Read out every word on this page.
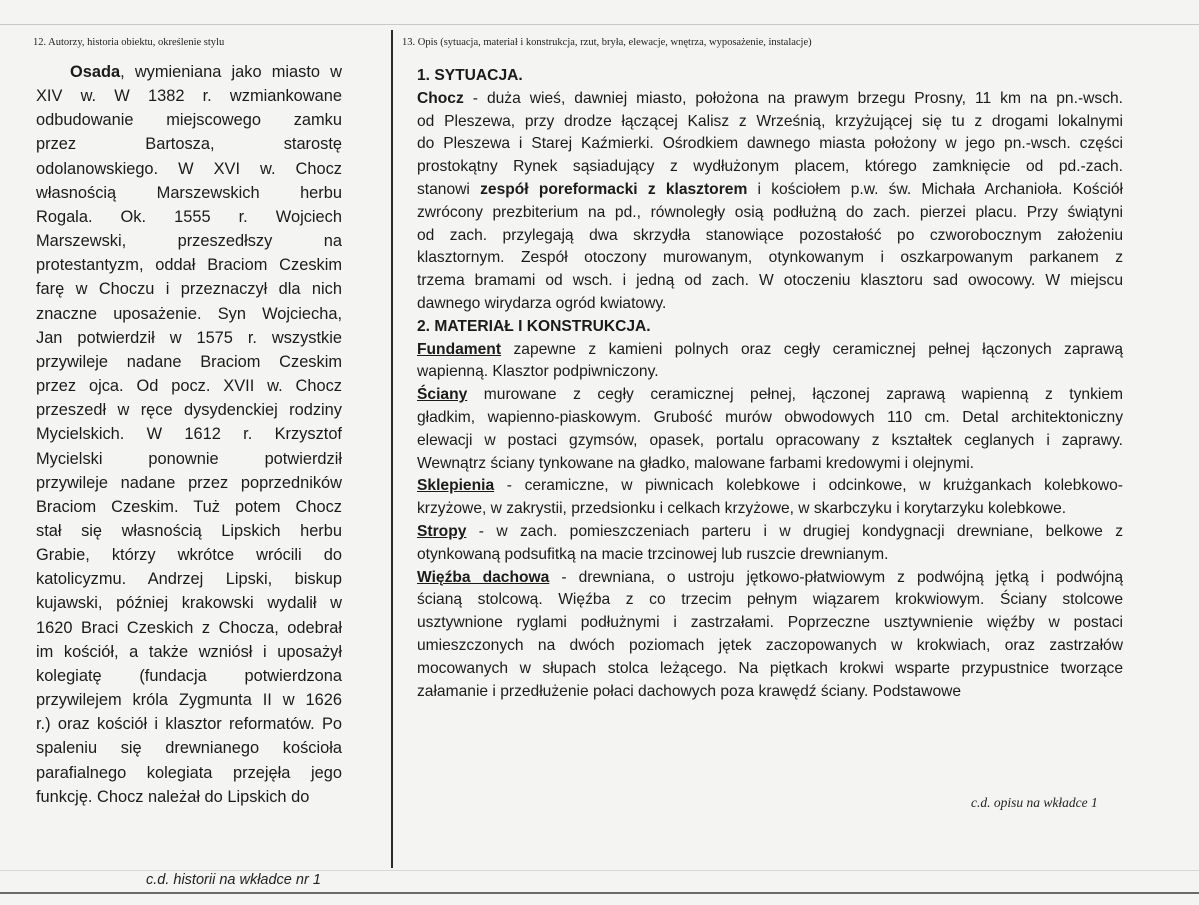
12. Autorzy, historia obiektu, określenie stylu	13. Opis (sytuacja, materiał i konstrukcja, rzut, bryła, elewacje, wnętrza, wyposażenie, instalacje)
Osada, wymieniana jako miasto w
XIV w. W 1382 r. wzmiankowane
odbudowanie miejscowego zamku
przez Bartosza, starostę
odolanowskiego. W XVI w. Chocz
własnością Marszewskich herbu
Rogala. Ok. 1555 r. Wojciech
Marszewski, przeszedłszy na
protestantyzm, oddał Braciom Czeskim
farę w Choczu i przeznaczył dla nich
znaczne uposażenie. Syn Wojciecha,
Jan potwierdził w 1575 r. wszystkie
przywileje nadane Braciom Czeskim
przez ojca. Od pocz. XVII w. Chocz
przeszedł w ręce dysydenckiej rodziny
Mycielskich. W 1612 r. Krzysztof
Mycielski ponownie potwierdził
przywileje nadane przez poprzedników
Braciom Czeskim. Tuż potem Chocz
stał się własnością Lipskich herbu
Grabie, którzy wkrótce wrócili do
katolicyzmu. Andrzej Lipski, biskup
kujawski, później krakowski wydalił w
1620 Braci Czeskich z Chocza, odebrał
im kościół, a także wzniósł i uposażył
kolegiatę (fundacja potwierdzona
przywilejem króla Zygmunta II w 1626
r.) oraz kościół i klasztor reformatów. Po
spaleniu się drewnianego kościoła
parafialnego kolegiata przejęła jego
funkcję. Chocz należał do Lipskich do
c.d. historii na wkładce nr 1
1. SYTUACJA.
Chocz - duża wieś, dawniej miasto, położona na prawym brzegu Prosny, 11 km na pn.-wsch.
od Pleszewa, przy drodze łączącej Kalisz z Wrześnią, krzyżującej się tu z drogami lokalnymi
do Pleszewa i Starej Kaźmierki. Ośrodkiem dawnego miasta położony w jego pn.-wsch. części
prostokątny Rynek sąsiadujący z wydłużonym placem, którego zamknięcie od pd.-zach.
stanowi zespół poreformacki z klasztorem i kościołem p.w. św. Michała Archanioła. Kościół
zwrócony prezbiterium na pd., równoległy osią podłużną do zach. pierzei placu. Przy świątyni
od zach. przylegają dwa skrzydła stanowiące pozostałość po czworobocznym założeniu
klasztornym. Zespół otoczony murowanym, otynkowanym i oszkarpowanym parkanem z
trzema bramami od wsch. i jedną od zach. W otoczeniu klasztoru sad owocowy. W miejscu
dawnego wirydarza ogród kwiatowy.
2. MATERIAŁ I KONSTRUKCJA.
Fundament zapewne z kamieni polnych oraz cegły ceramicznej pełnej łączonych zaprawą
wapienną. Klasztor podpiwniczony.
Ściany murowane z cegły ceramicznej pełnej, łączonej zaprawą wapienną z tynkiem
gładkim, wapienno-piaskowym. Grubość murów obwodowych 110 cm. Detal architektoniczny
elewacji w postaci gzymsów, opasek, portalu opracowany z kształtek ceglanych i zaprawy.
Wewnątrz ściany tynkowane na gładko, malowane farbami kredowymi i olejnymi.
Sklepienia - ceramiczne, w piwnicach kolebkowe i odcinkowe, w krużgankach kolebkowo-
krzyżowe, w zakrystii, przedsionku i celkach krzyżowe, w skarbczyku i korytarzyku kolebkowe.
Stropy - w zach. pomieszczeniach parteru i w drugiej kondygnacji drewniane, belkowe z
otynkowaną podsufitką na macie trzcinowej lub ruszcie drewnianym.
Więźba dachowa - drewniana, o ustroju jętkowo-płatwiowym z podwójną jętką i podwójną
ścianą stolcową. Więźba z co trzecim pełnym wiązarem krokwiowym. Ściany stolcowe
usztywnione ryglami podłużnymi i zastrzałami. Poprzeczne usztywnienie więźby w postaci
umieszczonych na dwóch poziomach jętek zaczopowanych w krokwiach, oraz zastrzałów
mocowanych w słupach stolca leżącego. Na piętkach krokwi wsparte przypustnice tworzące
załamanie i przedłużenie połaci dachowych poza krawędź ściany. Podstawowe
c.d. opisu na wkładce 1
